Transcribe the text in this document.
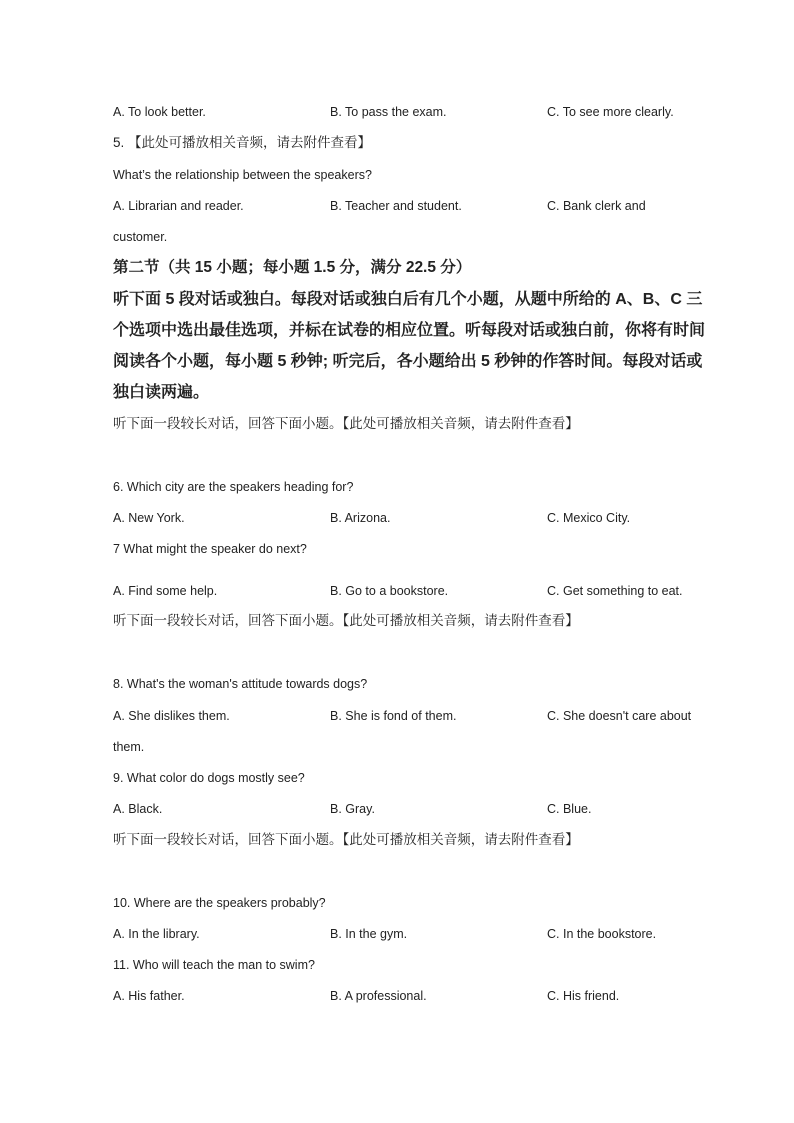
A. To look better.	B. To pass the exam.	C. To see more clearly.
5. 【此处可播放相关音频，请去附件查看】
What’s the relationship between the speakers?
A. Librarian and reader.	B. Teacher and student.	C. Bank clerk and
customer.
第二节（共 15 小题；每小题 1.5 分，满分 22.5 分）
听下面 5 段对话或独白。每段对话或独白后有几个小题，从题中所给的 A、B、C 三个选项中选出最佳选项，并标在试卷的相应位置。听每段对话或独白前，你将有时间阅读各个小题，每小题 5 秒钟; 听完后，各小题给出 5 秒钟的作答时间。每段对话或独白读两遍。
听下面一段较长对话，回答下面小题。【此处可播放相关音频，请去附件查看】
6. Which city are the speakers heading for?
A. New York.	B. Arizona.	C. Mexico City.
7 What might the speaker do next?
A. Find some help.	B. Go to a bookstore.	C. Get something to eat.
听下面一段较长对话，回答下面小题。【此处可播放相关音频，请去附件查看】
8. What's the woman's attitude towards dogs?
A. She dislikes them.	B. She is fond of them.	C. She doesn't care about
them.
9. What color do dogs mostly see?
A. Black.	B. Gray.	C. Blue.
听下面一段较长对话，回答下面小题。【此处可播放相关音频，请去附件查看】
10. Where are the speakers probably?
A. In the library.	B. In the gym.	C. In the bookstore.
11. Who will teach the man to swim?
A. His father.	B. A professional.	C. His friend.
